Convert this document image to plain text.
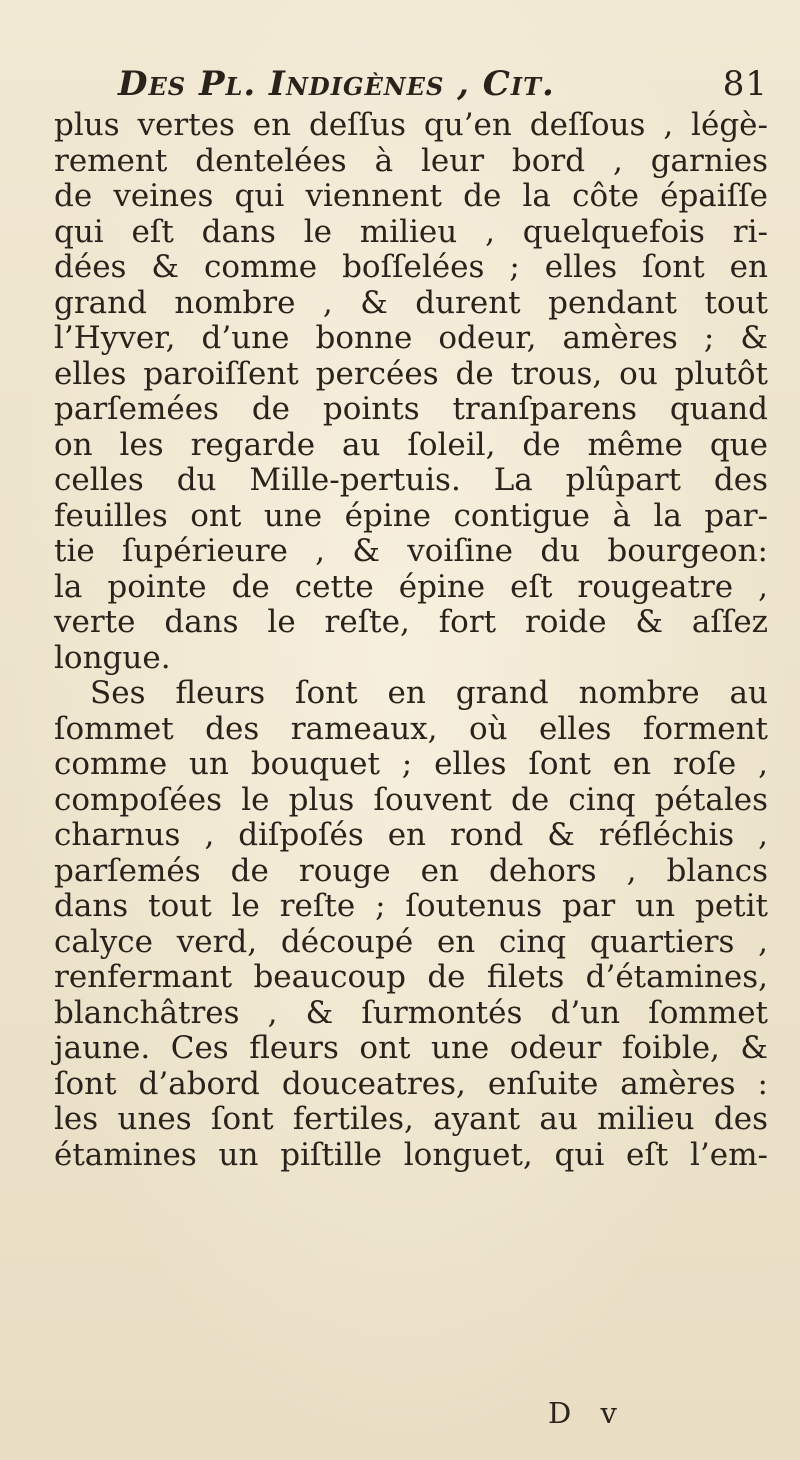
Des Pl. Indigènes , Cit.	81
plus vertes en deſſus qu’en deſſous , légè-
rement dentelées à leur bord , garnies
de veines qui viennent de la côte épaiſſe
qui eſt dans le milieu , quelquefois ri-
dées & comme boſſelées ; elles ſont en
grand nombre , & durent pendant tout
l’Hyver, d’une bonne odeur, amères ; &
elles paroiſſent percées de trous, ou plutôt
parſemées de points tranſparens quand
on les regarde au ſoleil, de même que
celles du Mille-pertuis. La plûpart des
feuilles ont une épine contigue à la par-
tie ſupérieure , & voiſine du bourgeon:
la pointe de cette épine eſt rougeatre ,
verte dans le reſte, fort roide & aſſez
longue.
Ses fleurs ſont en grand nombre au
ſommet des rameaux, où elles forment
comme un bouquet ; elles ſont en roſe ,
compoſées le plus ſouvent de cinq pétales
charnus , diſpoſés en rond & réfléchis ,
parſemés de rouge en dehors , blancs
dans tout le reſte ; ſoutenus par un petit
calyce verd, découpé en cinq quartiers ,
renfermant beaucoup de filets d’étamines,
blanchâtres , & ſurmontés d’un ſommet
jaune. Ces fleurs ont une odeur foible, &
ſont d’abord douceatres, enſuite amères :
les unes ſont fertiles, ayant au milieu des
étamines un piſtille longuet, qui eſt l’em-
D v
